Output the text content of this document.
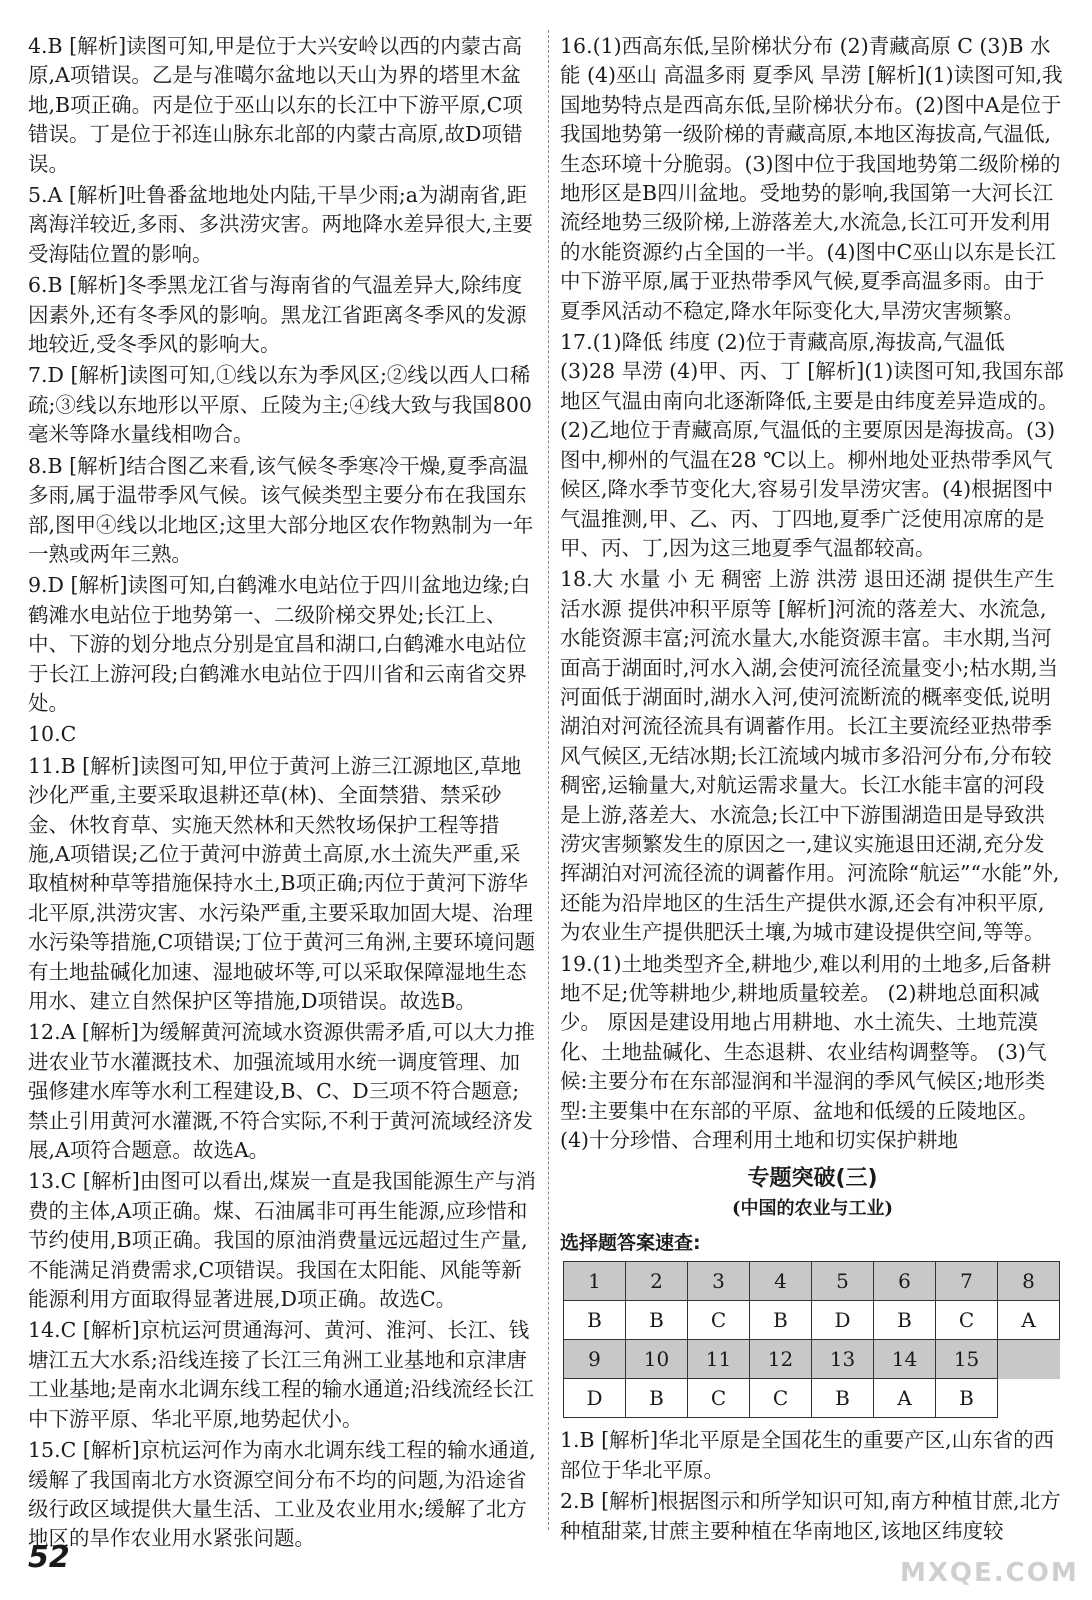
4.B [解析]读图可知,甲是位于大兴安岭以西的内蒙古高原,A项错误。乙是与准噶尔盆地以天山为界的塔里木盆地,B项正确。丙是位于巫山以东的长江中下游平原,C项错误。丁是位于祁连山脉东北部的内蒙古高原,故D项错误。

5.A [解析]吐鲁番盆地地处内陆,干旱少雨;a为湖南省,距离海洋较近,多雨、多洪涝灾害。两地降水差异很大,主要受海陆位置的影响。

6.B [解析]冬季黑龙江省与海南省的气温差异大,除纬度因素外,还有冬季风的影响。黑龙江省距离冬季风的发源地较近,受冬季风的影响大。

7.D [解析]读图可知,①线以东为季风区;②线以西人口稀疏;③线以东地形以平原、丘陵为主;④线大致与我国800毫米等降水量线相吻合。

8.B [解析]结合图乙来看,该气候冬季寒冷干燥,夏季高温多雨,属于温带季风气候。该气候类型主要分布在我国东部,图甲④线以北地区;这里大部分地区农作物熟制为一年一熟或两年三熟。

9.D [解析]读图可知,白鹤滩水电站位于四川盆地边缘;白鹤滩水电站位于地势第一、二级阶梯交界处;长江上、中、下游的划分地点分别是宜昌和湖口,白鹤滩水电站位于长江上游河段;白鹤滩水电站位于四川省和云南省交界处。

10.C

11.B [解析]读图可知,甲位于黄河上游三江源地区,草地沙化严重,主要采取退耕还草(林)、全面禁猎、禁采砂金、休牧育草、实施天然林和天然牧场保护工程等措施,A项错误;乙位于黄河中游黄土高原,水土流失严重,采取植树种草等措施保持水土,B项正确;丙位于黄河下游华北平原,洪涝灾害、水污染严重,主要采取加固大堤、治理水污染等措施,C项错误;丁位于黄河三角洲,主要环境问题有土地盐碱化加速、湿地破坏等,可以采取保障湿地生态用水、建立自然保护区等措施,D项错误。故选B。

12.A [解析]为缓解黄河流域水资源供需矛盾,可以大力推进农业节水灌溉技术、加强流域用水统一调度管理、加强修建水库等水利工程建设,B、C、D三项不符合题意;禁止引用黄河水灌溉,不符合实际,不利于黄河流域经济发展,A项符合题意。故选A。

13.C [解析]由图可以看出,煤炭一直是我国能源生产与消费的主体,A项正确。煤、石油属非可再生能源,应珍惜和节约使用,B项正确。我国的原油消费量远远超过生产量,不能满足消费需求,C项错误。我国在太阳能、风能等新能源利用方面取得显著进展,D项正确。故选C。

14.C [解析]京杭运河贯通海河、黄河、淮河、长江、钱塘江五大水系;沿线连接了长江三角洲工业基地和京津唐工业基地;是南水北调东线工程的输水通道;沿线流经长江中下游平原、华北平原,地势起伏小。

15.C [解析]京杭运河作为南水北调东线工程的输水通道,缓解了我国南北方水资源空间分布不均的问题,为沿途省级行政区域提供大量生活、工业及农业用水;缓解了北方地区的旱作农业用水紧张问题。

16.(1)西高东低,呈阶梯状分布 (2)青藏高原 C (3)B 水能 (4)巫山 高温多雨 夏季风 旱涝 [解析](1)读图可知,我国地势特点是西高东低,呈阶梯状分布。(2)图中A是位于我国地势第一级阶梯的青藏高原,本地区海拔高,气温低,生态环境十分脆弱。(3)图中位于我国地势第二级阶梯的地形区是B四川盆地。受地势的影响,我国第一大河长江流经地势三级阶梯,上游落差大,水流急,长江可开发利用的水能资源约占全国的一半。(4)图中C巫山以东是长江中下游平原,属于亚热带季风气候,夏季高温多雨。由于夏季风活动不稳定,降水年际变化大,旱涝灾害频繁。

17.(1)降低 纬度 (2)位于青藏高原,海拔高,气温低 (3)28 旱涝 (4)甲、丙、丁 [解析](1)读图可知,我国东部地区气温由南向北逐渐降低,主要是由纬度差异造成的。(2)乙地位于青藏高原,气温低的主要原因是海拔高。(3)图中,柳州的气温在28 ℃以上。柳州地处亚热带季风气候区,降水季节变化大,容易引发旱涝灾害。(4)根据图中气温推测,甲、乙、丙、丁四地,夏季广泛使用凉席的是甲、丙、丁,因为这三地夏季气温都较高。

18.大 水量 小 无 稠密 上游 洪涝 退田还湖 提供生产生活水源 提供冲积平原等 [解析]河流的落差大、水流急,水能资源丰富;河流水量大,水能资源丰富。丰水期,当河面高于湖面时,河水入湖,会使河流径流量变小;枯水期,当河面低于湖面时,湖水入河,使河流断流的概率变低,说明湖泊对河流径流具有调蓄作用。长江主要流经亚热带季风气候区,无结冰期;长江流域内城市多沿河分布,分布较稠密,运输量大,对航运需求量大。长江水能丰富的河段是上游,落差大、水流急;长江中下游围湖造田是导致洪涝灾害频繁发生的原因之一,建议实施退田还湖,充分发挥湖泊对河流径流的调蓄作用。河流除“航运”“水能”外,还能为沿岸地区的生活生产提供水源,还会有冲积平原,为农业生产提供肥沃土壤,为城市建设提供空间,等等。

19.(1)土地类型齐全,耕地少,难以利用的土地多,后备耕地不足;优等耕地少,耕地质量较差。 (2)耕地总面积减少。 原因是建设用地占用耕地、水土流失、土地荒漠化、土地盐碱化、生态退耕、农业结构调整等。 (3)气候:主要分布在东部湿润和半湿润的季风气候区;地形类型:主要集中在东部的平原、盆地和低缓的丘陵地区。 (4)十分珍惜、合理利用土地和切实保护耕地

专题突破(三)
(中国的农业与工业)
选择题答案速查:
1	2	3	4	5	6	7	8
B	B	C	B	D	B	C	A
9	10	11	12	13	14	15	
D	B	C	C	B	A	B	

1.B [解析]华北平原是全国花生的重要产区,山东省的西部位于华北平原。

2.B [解析]根据图示和所学知识可知,南方种植甘蔗,北方种植甜菜,甘蔗主要种植在华南地区,该地区纬度较

52	MXQE.COM
